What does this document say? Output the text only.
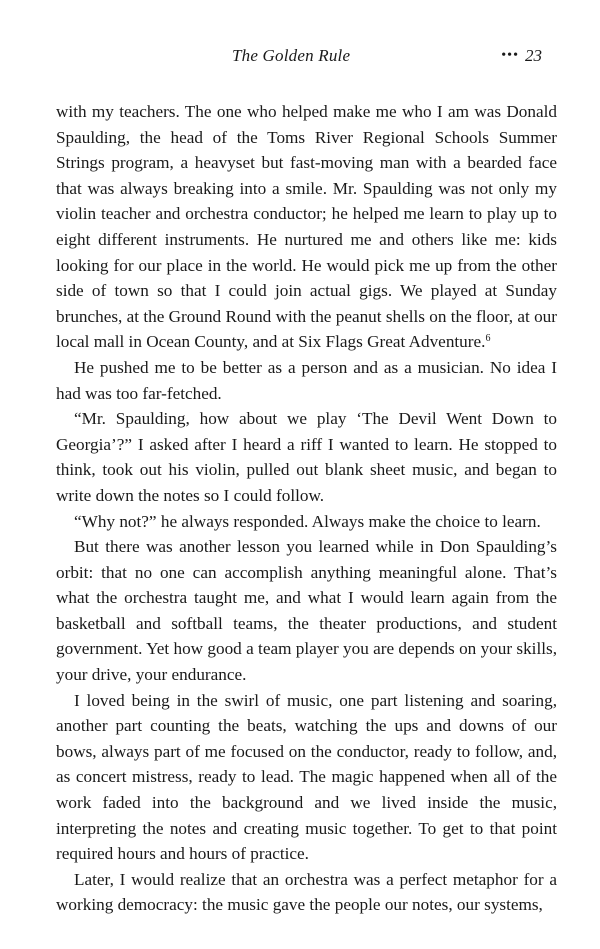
The Golden Rule	••• 23

with my teachers. The one who helped make me who I am was Donald Spaulding, the head of the Toms River Regional Schools Summer Strings program, a heavyset but fast-moving man with a bearded face that was always breaking into a smile. Mr. Spaulding was not only my violin teacher and orchestra conductor; he helped me learn to play up to eight different instruments. He nurtured me and others like me: kids looking for our place in the world. He would pick me up from the other side of town so that I could join actual gigs. We played at Sunday brunches, at the Ground Round with the peanut shells on the floor, at our local mall in Ocean County, and at Six Flags Great Adventure.$^6$

He pushed me to be better as a person and as a musician. No idea I had was too far-fetched.

“Mr. Spaulding, how about we play ‘The Devil Went Down to Georgia’?” I asked after I heard a riff I wanted to learn. He stopped to think, took out his violin, pulled out blank sheet music, and began to write down the notes so I could follow.

“Why not?” he always responded. Always make the choice to learn.

But there was another lesson you learned while in Don Spaulding’s orbit: that no one can accomplish anything meaningful alone. That’s what the orchestra taught me, and what I would learn again from the basketball and softball teams, the theater productions, and student government. Yet how good a team player you are depends on your skills, your drive, your endurance.

I loved being in the swirl of music, one part listening and soaring, another part counting the beats, watching the ups and downs of our bows, always part of me focused on the conductor, ready to follow, and, as concert mistress, ready to lead. The magic happened when all of the work faded into the background and we lived inside the music, interpreting the notes and creating music together. To get to that point required hours and hours of practice.

Later, I would realize that an orchestra was a perfect metaphor for a working democracy: the music gave the people our notes, our systems,
